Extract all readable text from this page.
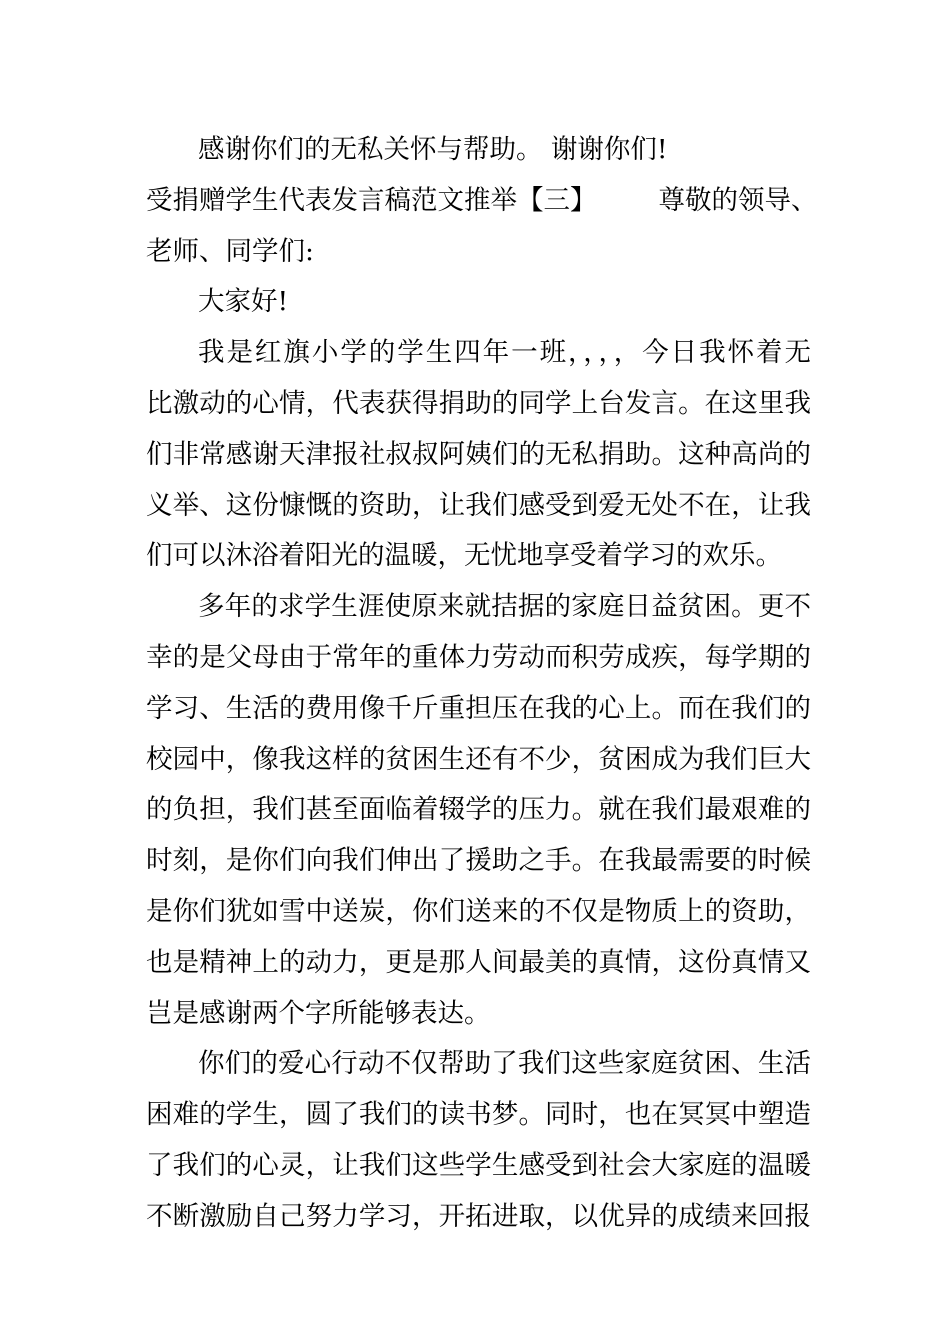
感谢你们的无私关怀与帮助。 谢谢你们!
受捐赠学生代表发言稿范文推举【三】 尊敬的领导、
老师、同学们:
大家好!
我是红旗小学的学生四年一班，，，，今日我怀着无
比激动的心情，代表获得捐助的同学上台发言。在这里我
们非常感谢天津报社叔叔阿姨们的无私捐助。这种高尚的
义举、这份慷慨的资助，让我们感受到爱无处不在，让我
们可以沐浴着阳光的温暖，无忧地享受着学习的欢乐。
多年的求学生涯使原来就拮据的家庭日益贫困。更不
幸的是父母由于常年的重体力劳动而积劳成疾，每学期的
学习、生活的费用像千斤重担压在我的心上。而在我们的
校园中，像我这样的贫困生还有不少，贫困成为我们巨大
的负担，我们甚至面临着辍学的压力。就在我们最艰难的
时刻，是你们向我们伸出了援助之手。在我最需要的时候
是你们犹如雪中送炭，你们送来的不仅是物质上的资助，
也是精神上的动力，更是那人间最美的真情，这份真情又
岂是感谢两个字所能够表达。
你们的爱心行动不仅帮助了我们这些家庭贫困、生活
困难的学生，圆了我们的读书梦。同时，也在冥冥中塑造
了我们的心灵，让我们这些学生感受到社会大家庭的温暖
不断激励自己努力学习，开拓进取，以优异的成绩来回报
